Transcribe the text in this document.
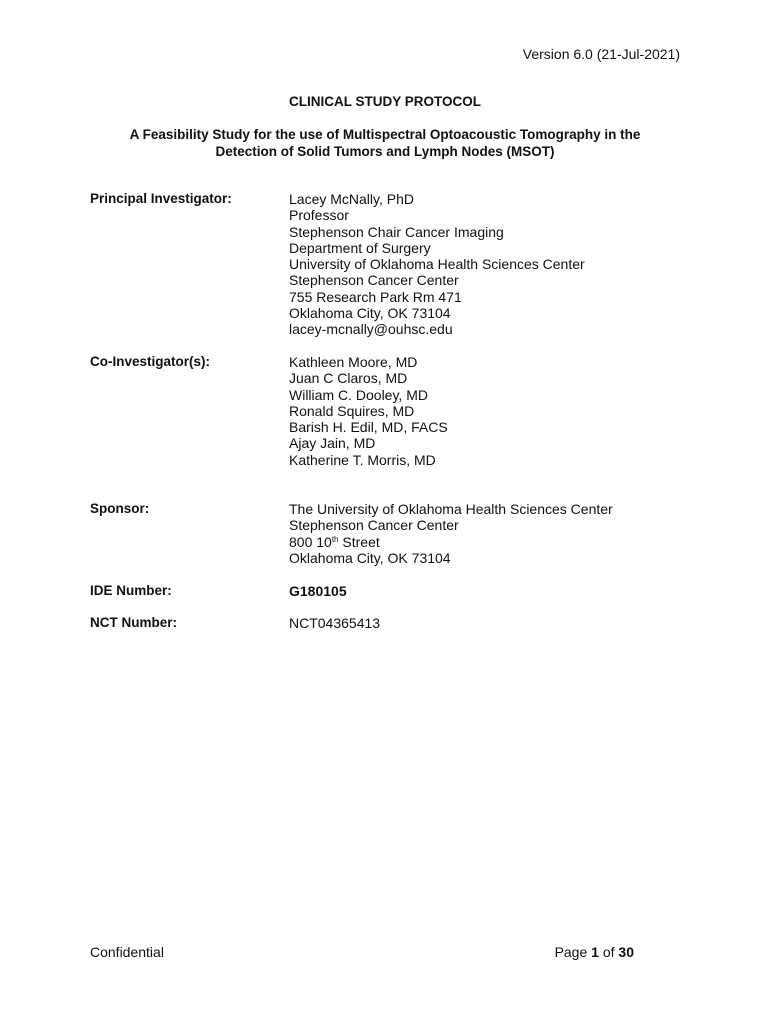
Version 6.0 (21-Jul-2021)
CLINICAL STUDY PROTOCOL
A Feasibility Study for the use of Multispectral Optoacoustic Tomography in the
Detection of Solid Tumors and Lymph Nodes (MSOT)
Principal Investigator:	Lacey McNally, PhD
Professor
Stephenson Chair Cancer Imaging
Department of Surgery
University of Oklahoma Health Sciences Center
Stephenson Cancer Center
755 Research Park Rm 471
Oklahoma City, OK 73104
lacey-mcnally@ouhsc.edu
Co-Investigator(s):	Kathleen Moore, MD
Juan C Claros, MD
William C. Dooley, MD
Ronald Squires, MD
Barish H. Edil, MD, FACS
Ajay Jain, MD
Katherine T. Morris, MD
Sponsor:	The University of Oklahoma Health Sciences Center
Stephenson Cancer Center
800 10th Street
Oklahoma City, OK 73104
IDE Number:	G180105
NCT Number:	NCT04365413
Confidential	Page 1 of 30
